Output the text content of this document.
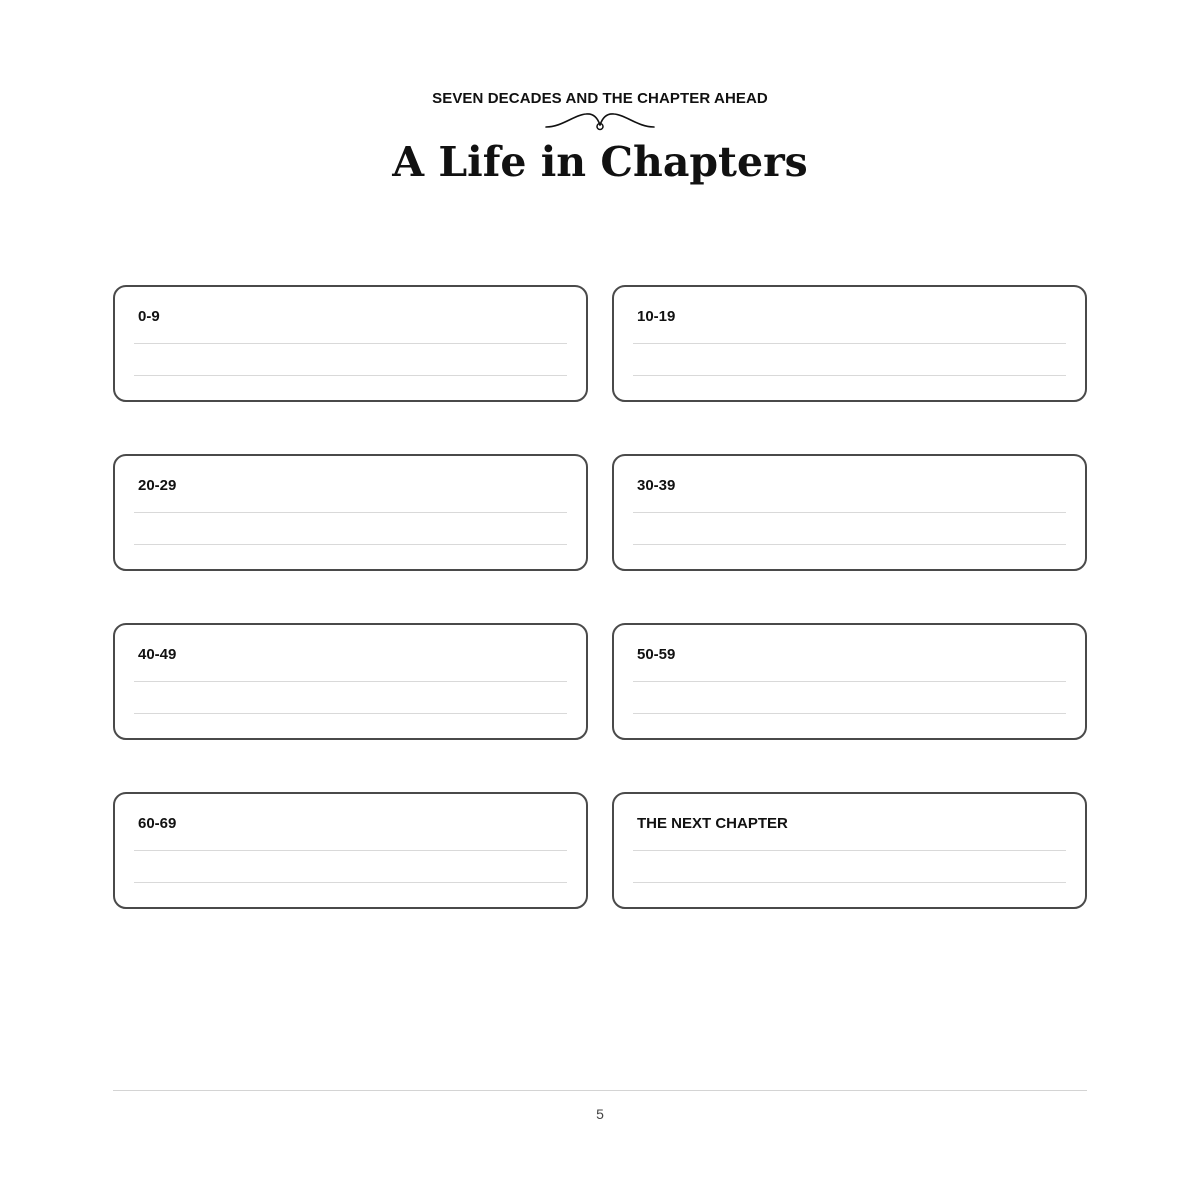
SEVEN DECADES AND THE CHAPTER AHEAD

A Life in Chapters
0-9	10-19
20-29	30-39
40-49	50-59
60-69	THE NEXT CHAPTER
5
